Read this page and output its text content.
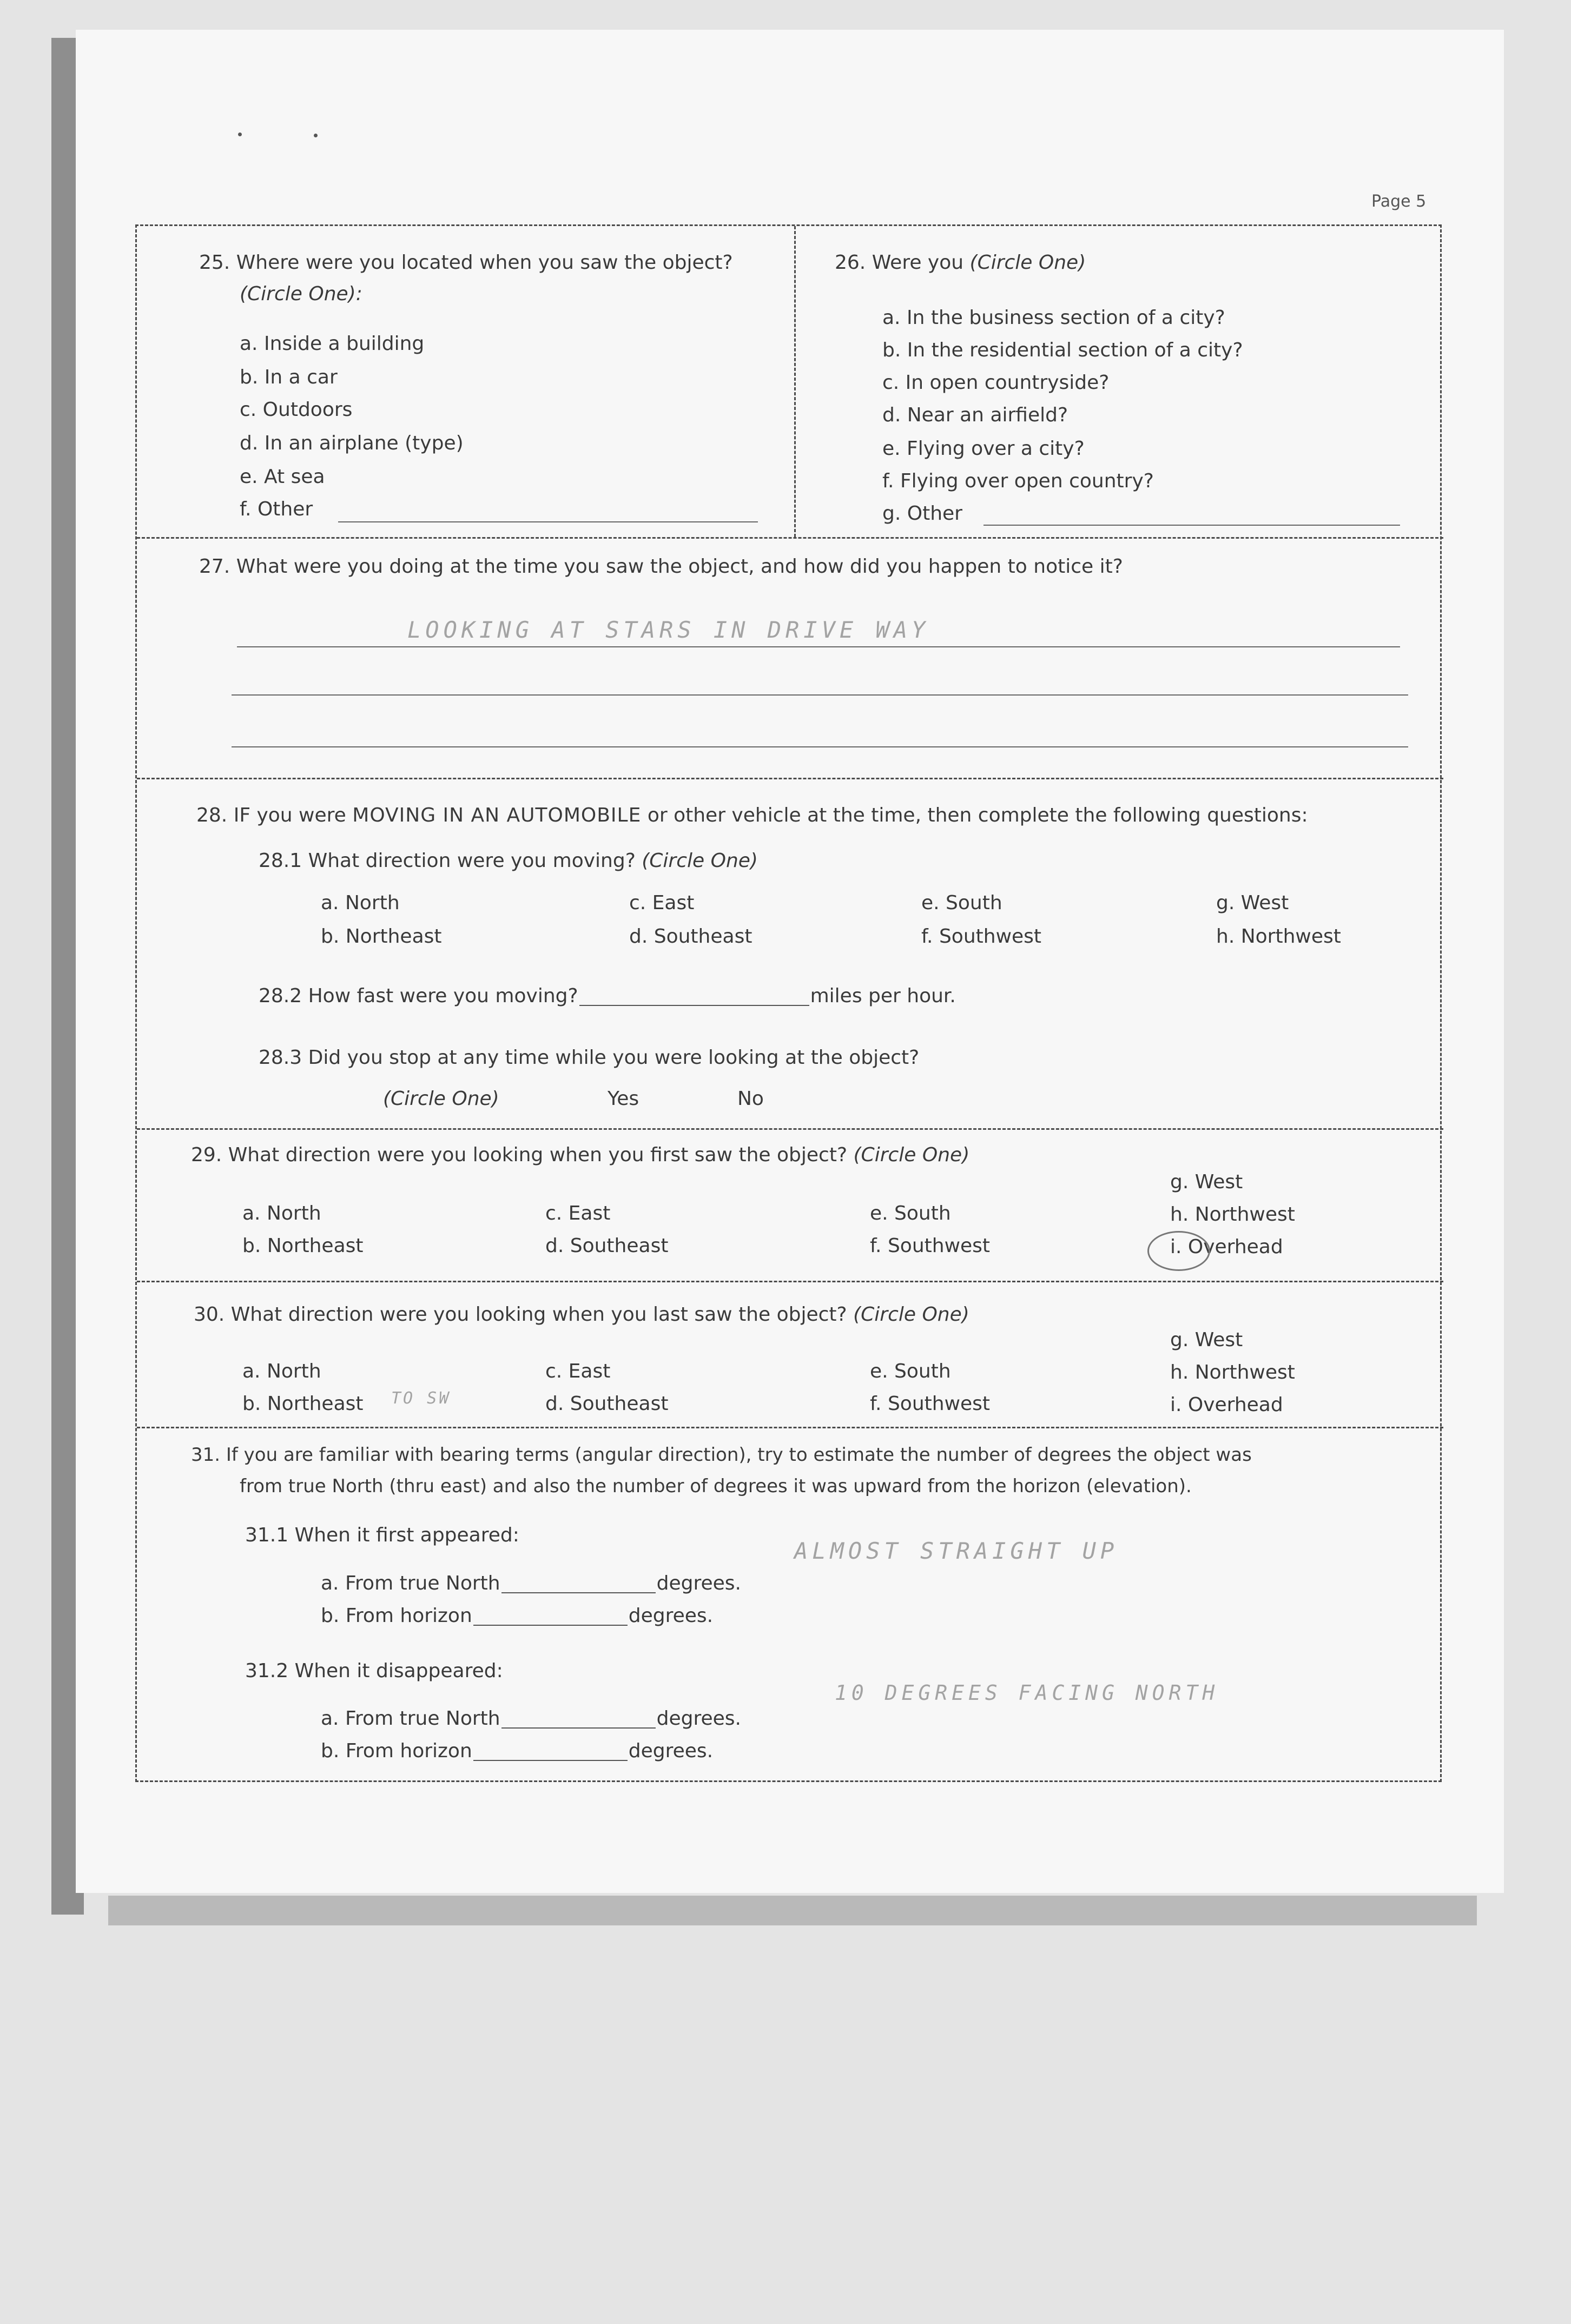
Page 5
25. Where were you located when you saw the object?
(Circle One):
a. Inside a building
b. In a car
c. Outdoors
d. In an airplane (type)
e. At sea
f. Other
26. Were you (Circle One)
a. In the business section of a city?
b. In the residential section of a city?
c. In open countryside?
d. Near an airfield?
e. Flying over a city?
f. Flying over open country?
g. Other
27. What were you doing at the time you saw the object, and how did you happen to notice it?
LOOKING AT STARS IN DRIVE WAY
28. IF you were MOVING IN AN AUTOMOBILE or other vehicle at the time, then complete the following questions:
28.1 What direction were you moving? (Circle One)
a. North
b. Northeast
c. East
d. Southeast
e. South
f. Southwest
g. West
h. Northwest
28.2 How fast were you moving?	miles per hour.
28.3 Did you stop at any time while you were looking at the object?
(Circle One)	Yes	No
29. What direction were you looking when you first saw the object? (Circle One)
a. North
b. Northeast
c. East
d. Southeast
e. South
f. Southwest
g. West
h. Northwest
i. Overhead
30. What direction were you looking when you last saw the object? (Circle One)
a. North
b. Northeast	d. Southeast
c. East
TO SW
e. South
f. Southwest
g. West
h. Northwest
i. Overhead
31. If you are familiar with bearing terms (angular direction), try to estimate the number of degrees the object was
from true North (thru east) and also the number of degrees it was upward from the horizon (elevation).
31.1 When it first appeared:
a. From true North	degrees.
b. From horizon	degrees.
31.2 When it disappeared:
a. From true North	degrees.
b. From horizon	degrees.
ALMOST STRAIGHT UP
10 DEGREES FACING NORTH
